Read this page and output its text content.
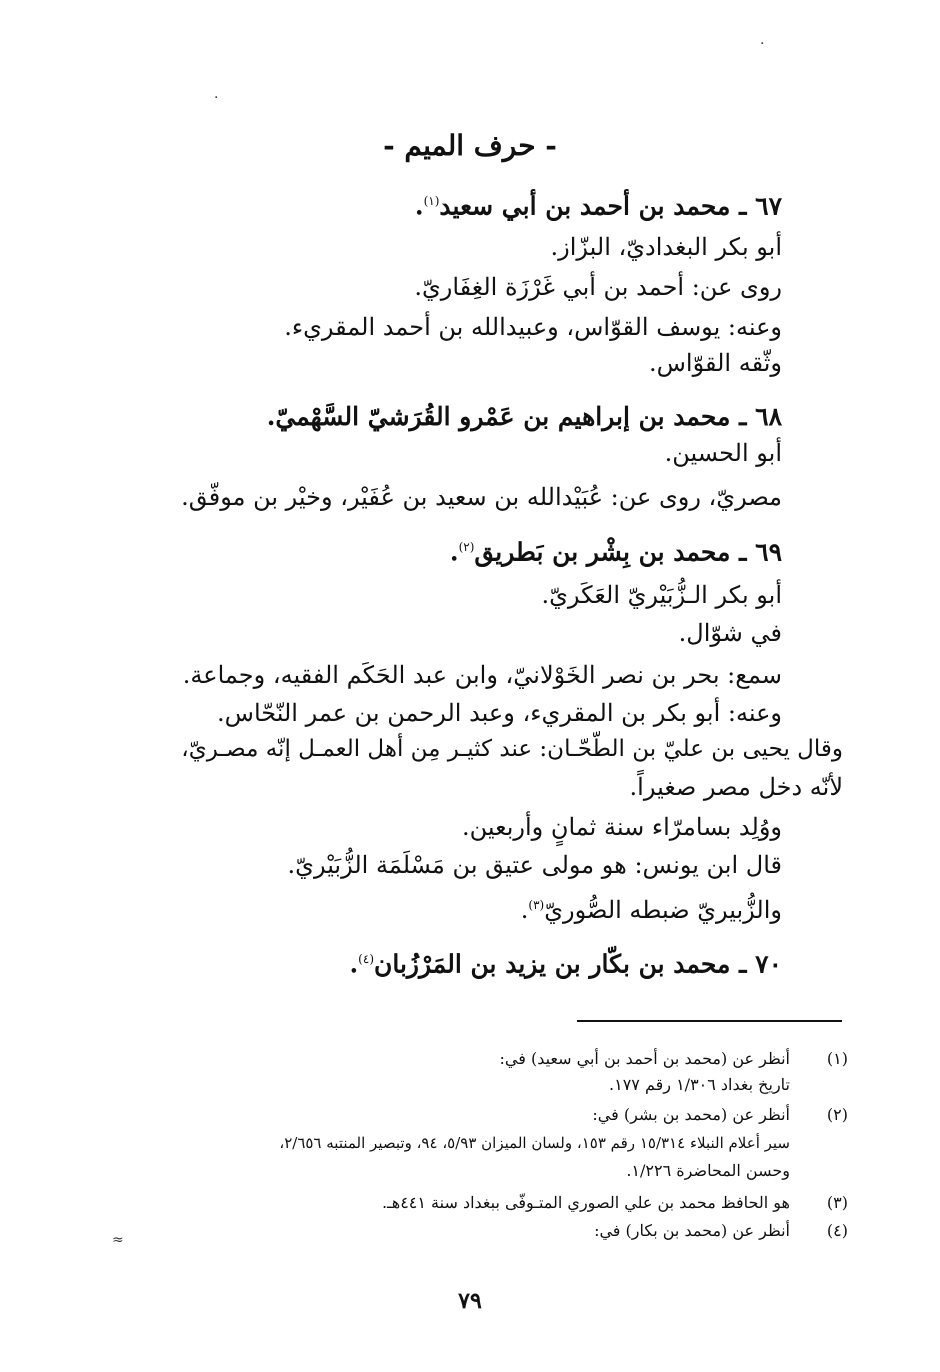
- حرف الميم -
٦٧ ـ محمد بن أحمد بن أبي سعيد$^{(١)}$.
أبو بكر البغداديّ، البزّاز.
روى عن: أحمد بن أبي غَرْزَة الغِفَاريّ.
وعنه: يوسف القوّاس، وعبيدالله بن أحمد المقريء.
وثّقه القوّاس.
٦٨ ـ محمد بن إبراهيم بن عَمْرو القُرَشيّ السَّهْميّ.
أبو الحسين.
مصريّ، روى عن: عُبَيْدالله بن سعيد بن عُفَيْر، وخيْر بن موفّق.
٦٩ ـ محمد بن بِشْر بن بَطريق$^{(٢)}$.
أبو بكر الـزُّبَيْريّ العَكَريّ.
في شوّال.
سمع: بحر بن نصر الخَوْلانيّ، وابن عبد الحَكَم الفقيه، وجماعة.
وعنه: أبو بكر بن المقريء، وعبد الرحمن بن عمر النّحّاس.
وقال يحيى بن عليّ بن الطّحّـان: عند كثيـر مِن أهل العمـل إنّه مصـريّ،
لأنّه دخل مصر صغيراً.
ووُلِد بسامرّاء سنة ثمانٍ وأربعين.
قال ابن يونس: هو مولى عتيق بن مَسْلَمَة الزُّبَيْريّ.
والزُّبيريّ ضبطه الصُّوريّ$^{(٣)}$.
٧٠ ـ محمد بن بكّار بن يزيد بن المَرْزُبان$^{(٤)}$.
(١)
أنظر عن (محمد بن أحمد بن أبي سعيد) في:
تاريخ بغداد ١/٣٠٦ رقم ١٧٧.
(٢)
أنظر عن (محمد بن بشر) في:
سير أعلام النبلاء ١٥/٣١٤ رقم ١٥٣، ولسان الميزان ٥/٩٣، ٩٤، وتبصير المنتبه ٢/٦٥٦،
وحسن المحاضرة ١/٢٢٦.
(٣)
هو الحافظ محمد بن علي الصوري المتـوفّى ببغداد سنة ٤٤١هـ.
(٤)
أنظر عن (محمد بن بكار) في:
٧٩
≈
·
·
